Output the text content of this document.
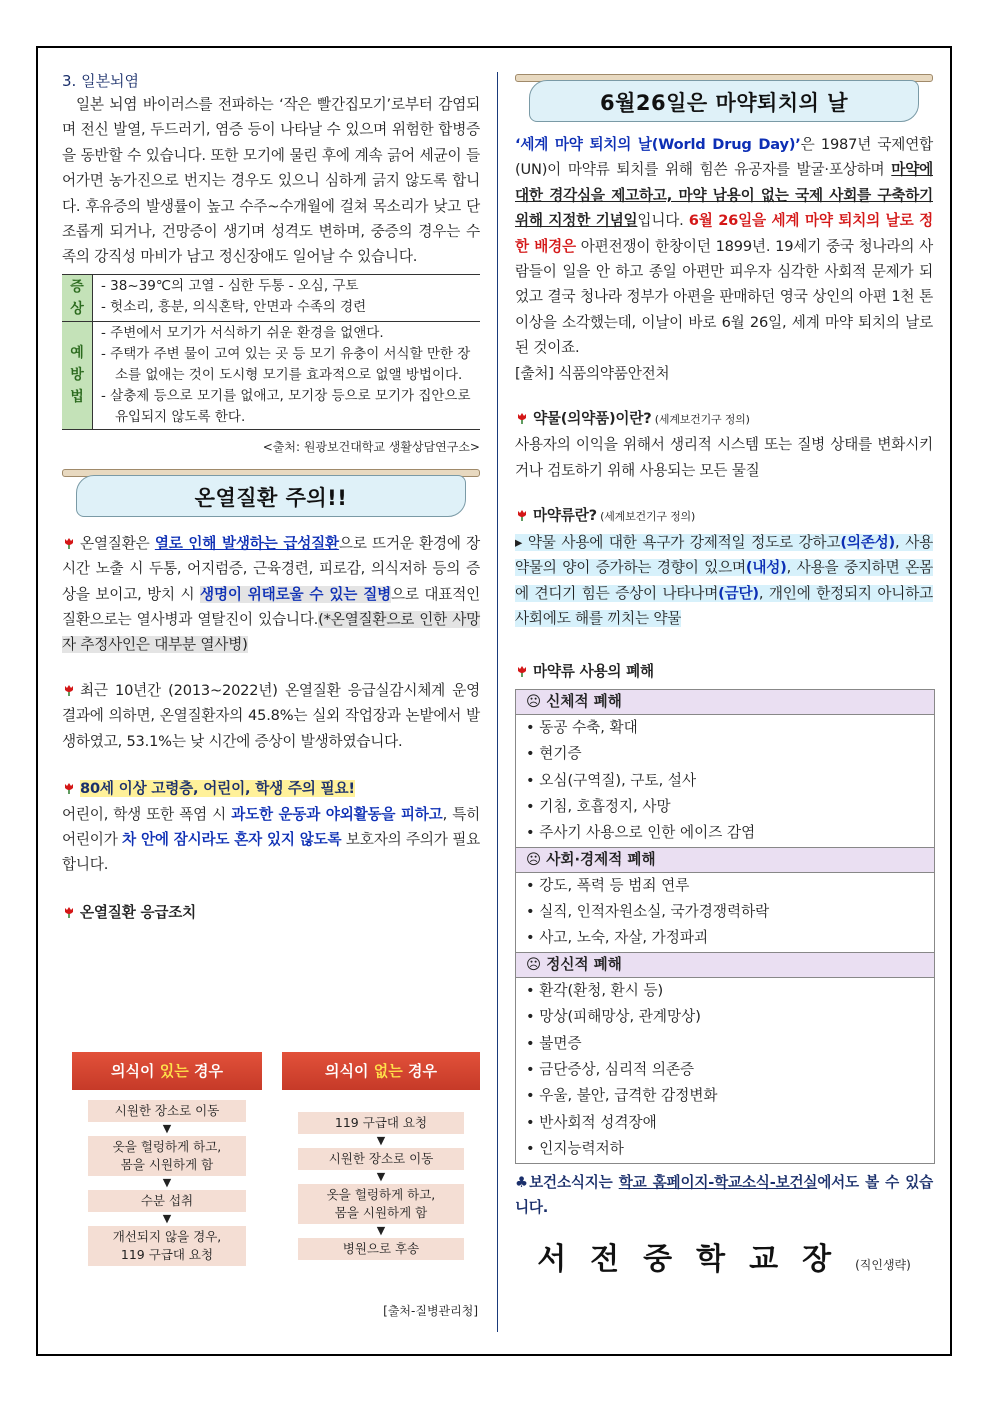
3. 일본뇌염

일본 뇌염 바이러스를 전파하는 ‘작은 빨간집모기’로부터 감염되며 전신 발열, 두드러기, 염증 등이 나타날 수 있으며 위험한 합병증을 동반할 수 있습니다. 또한 모기에 물린 후에 계속 긁어 세균이 들어가면 농가진으로 번지는 경우도 있으니 심하게 긁지 않도록 합니다. 후유증의 발생률이 높고 수주~수개월에 걸쳐 목소리가 낮고 단조롭게 되거나, 건망증이 생기며 성격도 변하며, 중증의 경우는 수족의 강직성 마비가 남고 정신장애도 일어날 수 있습니다.

증상	- 38~39℃의 고열 - 심한 두통 - 오심, 구토
- 헛소리, 흥분, 의식혼탁, 안면과 수족의 경련

예방법	- 주변에서 모기가 서식하기 쉬운 환경을 없앤다.
- 주택가 주변 물이 고여 있는 곳 등 모기 유충이 서식할 만한 장소를 없애는 것이 도시형 모기를 효과적으로 없앨 방법이다.
- 살충제 등으로 모기를 없애고, 모기장 등으로 모기가 집안으로 유입되지 않도록 한다.
<출처: 원광보건대학교 생활상담연구소>
온열질환 주의!!

온열질환은 열로 인해 발생하는 급성질환으로 뜨거운 환경에 장시간 노출 시 두통, 어지럼증, 근육경련, 피로감, 의식저하 등의 증상을 보이고, 방치 시 생명이 위태로울 수 있는 질병으로 대표적인 질환으로는 열사병과 열탈진이 있습니다.(*온열질환으로 인한 사망자 추정사인은 대부분 열사병)

최근 10년간 (2013~2022년) 온열질환 응급실감시체계 운영결과에 의하면, 온열질환자의 45.8%는 실외 작업장과 논밭에서 발생하였고, 53.1%는 낮 시간에 증상이 발생하였습니다.

80세 이상 고령층, 어린이, 학생 주의 필요!
어린이, 학생 또한 폭염 시 과도한 운동과 야외활동을 피하고, 특히 어린이가 차 안에 잠시라도 혼자 있지 않도록 보호자의 주의가 필요합니다.

온열질환 응급조치

의식이 있는 경우
시원한 장소로 이동
▼
옷을 헐렁하게 하고,
몸을 시원하게 함
▼
수분 섭취
▼
개선되지 않을 경우,
119 구급대 요청
의식이 없는 경우
119 구급대 요청
▼
시원한 장소로 이동
▼
옷을 헐렁하게 하고,
몸을 시원하게 함
▼
병원으로 후송
[출처-질병관리청]
6월26일은 마약퇴치의 날

‘세계 마약 퇴치의 날(World Drug Day)’은 1987년 국제연합(UN)이 마약류 퇴치를 위해 힘쓴 유공자를 발굴·포상하며 마약에 대한 경각심을 제고하고, 마약 남용이 없는 국제 사회를 구축하기 위해 지정한 기념일입니다. 6월 26일을 세계 마약 퇴치의 날로 정한 배경은 아편전쟁이 한창이던 1899년. 19세기 중국 청나라의 사람들이 일을 안 하고 종일 아편만 피우자 심각한 사회적 문제가 되었고 결국 청나라 정부가 아편을 판매하던 영국 상인의 아편 1천 톤 이상을 소각했는데, 이날이 바로 6월 26일, 세계 마약 퇴치의 날로 된 것이죠.

[출처] 식품의약품안전처

약물(의약품)이란? (세계보건기구 정의)
사용자의 이익을 위해서 생리적 시스템 또는 질병 상태를 변화시키거나 검토하기 위해 사용되는 모든 물질

마약류란? (세계보건기구 정의)
▸ 약물 사용에 대한 욕구가 강제적일 정도로 강하고(의존성), 사용 약물의 양이 증가하는 경향이 있으며(내성), 사용을 중지하면 온몸에 견디기 힘든 증상이 나타나며(금단), 개인에 한정되지 아니하고 사회에도 해를 끼치는 약물

마약류 사용의 폐해

☹ 신체적 폐해
• 동공 수축, 확대
• 현기증
• 오심(구역질), 구토, 설사
• 기침, 호흡정지, 사망
• 주사기 사용으로 인한 에이즈 감염
☹ 사회·경제적 폐해
• 강도, 폭력 등 범죄 연루
• 실직, 인적자원소실, 국가경쟁력하락
• 사고, 노숙, 자살, 가정파괴
☹ 정신적 폐해
• 환각(환청, 환시 등)
• 망상(피해망상, 관계망상)
• 불면증
• 금단증상, 심리적 의존증
• 우울, 불안, 급격한 감정변화
• 반사회적 성격장애
• 인지능력저하

♣보건소식지는 학교 홈페이지-학교소식-보건실에서도 볼 수 있습니다.

서전중학교장(직인생략)
